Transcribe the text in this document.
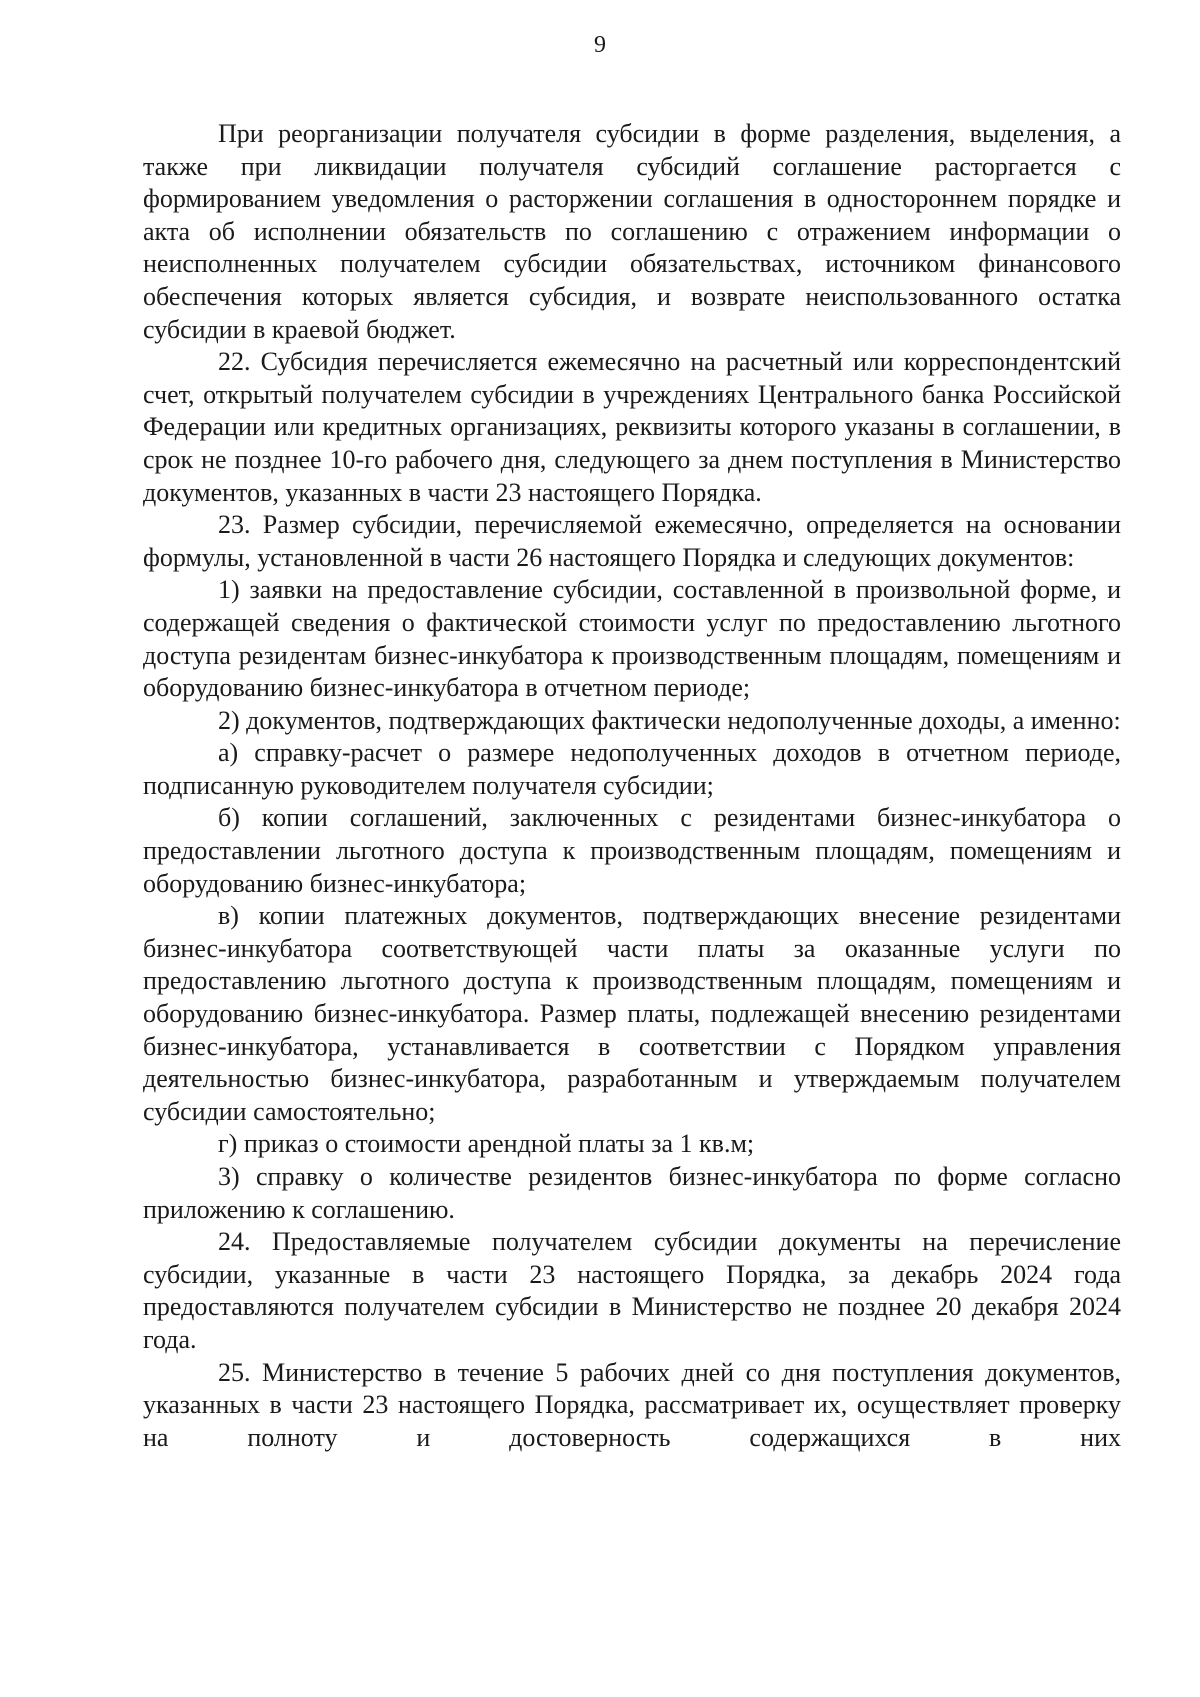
9

При реорганизации получателя субсидии в форме разделения, выделения, а также при ликвидации получателя субсидий соглашение расторгается с формированием уведомления о расторжении соглашения в одностороннем порядке и акта об исполнении обязательств по соглашению с отражением информации о неисполненных получателем субсидии обязательствах, источником финансового обеспечения которых является субсидия, и возврате неиспользованного остатка субсидии в краевой бюджет.

22. Субсидия перечисляется ежемесячно на расчетный или корреспондентский счет, открытый получателем субсидии в учреждениях Центрального банка Российской Федерации или кредитных организациях, реквизиты которого указаны в соглашении, в срок не позднее 10-го рабочего дня, следующего за днем поступления в Министерство документов, указанных в части 23 настоящего Порядка.

23. Размер субсидии, перечисляемой ежемесячно, определяется на основании формулы, установленной в части 26 настоящего Порядка и следующих документов:

1) заявки на предоставление субсидии, составленной в произвольной форме, и содержащей сведения о фактической стоимости услуг по предоставлению льготного доступа резидентам бизнес-инкубатора к производственным площадям, помещениям и оборудованию бизнес-инкубатора в отчетном периоде;

2) документов, подтверждающих фактически недополученные доходы, а именно:

а) справку-расчет о размере недополученных доходов в отчетном периоде, подписанную руководителем получателя субсидии;

б) копии соглашений, заключенных с резидентами бизнес-инкубатора о предоставлении льготного доступа к производственным площадям, помещениям и оборудованию бизнес-инкубатора;

в) копии платежных документов, подтверждающих внесение резидентами бизнес-инкубатора соответствующей части платы за оказанные услуги по предоставлению льготного доступа к производственным площадям, помещениям и оборудованию бизнес-инкубатора. Размер платы, подлежащей внесению резидентами бизнес-инкубатора, устанавливается в соответствии с Порядком управления деятельностью бизнес-инкубатора, разработанным и утверждаемым получателем субсидии самостоятельно;

г) приказ о стоимости арендной платы за 1 кв.м;

3) справку о количестве резидентов бизнес-инкубатора по форме согласно приложению к соглашению.

24. Предоставляемые получателем субсидии документы на перечисление субсидии, указанные в части 23 настоящего Порядка, за декабрь 2024 года предоставляются получателем субсидии в Министерство не позднее 20 декабря 2024 года.

25. Министерство в течение 5 рабочих дней со дня поступления документов, указанных в части 23 настоящего Порядка, рассматривает их, осуществляет проверку на полноту и достоверность содержащихся в них
